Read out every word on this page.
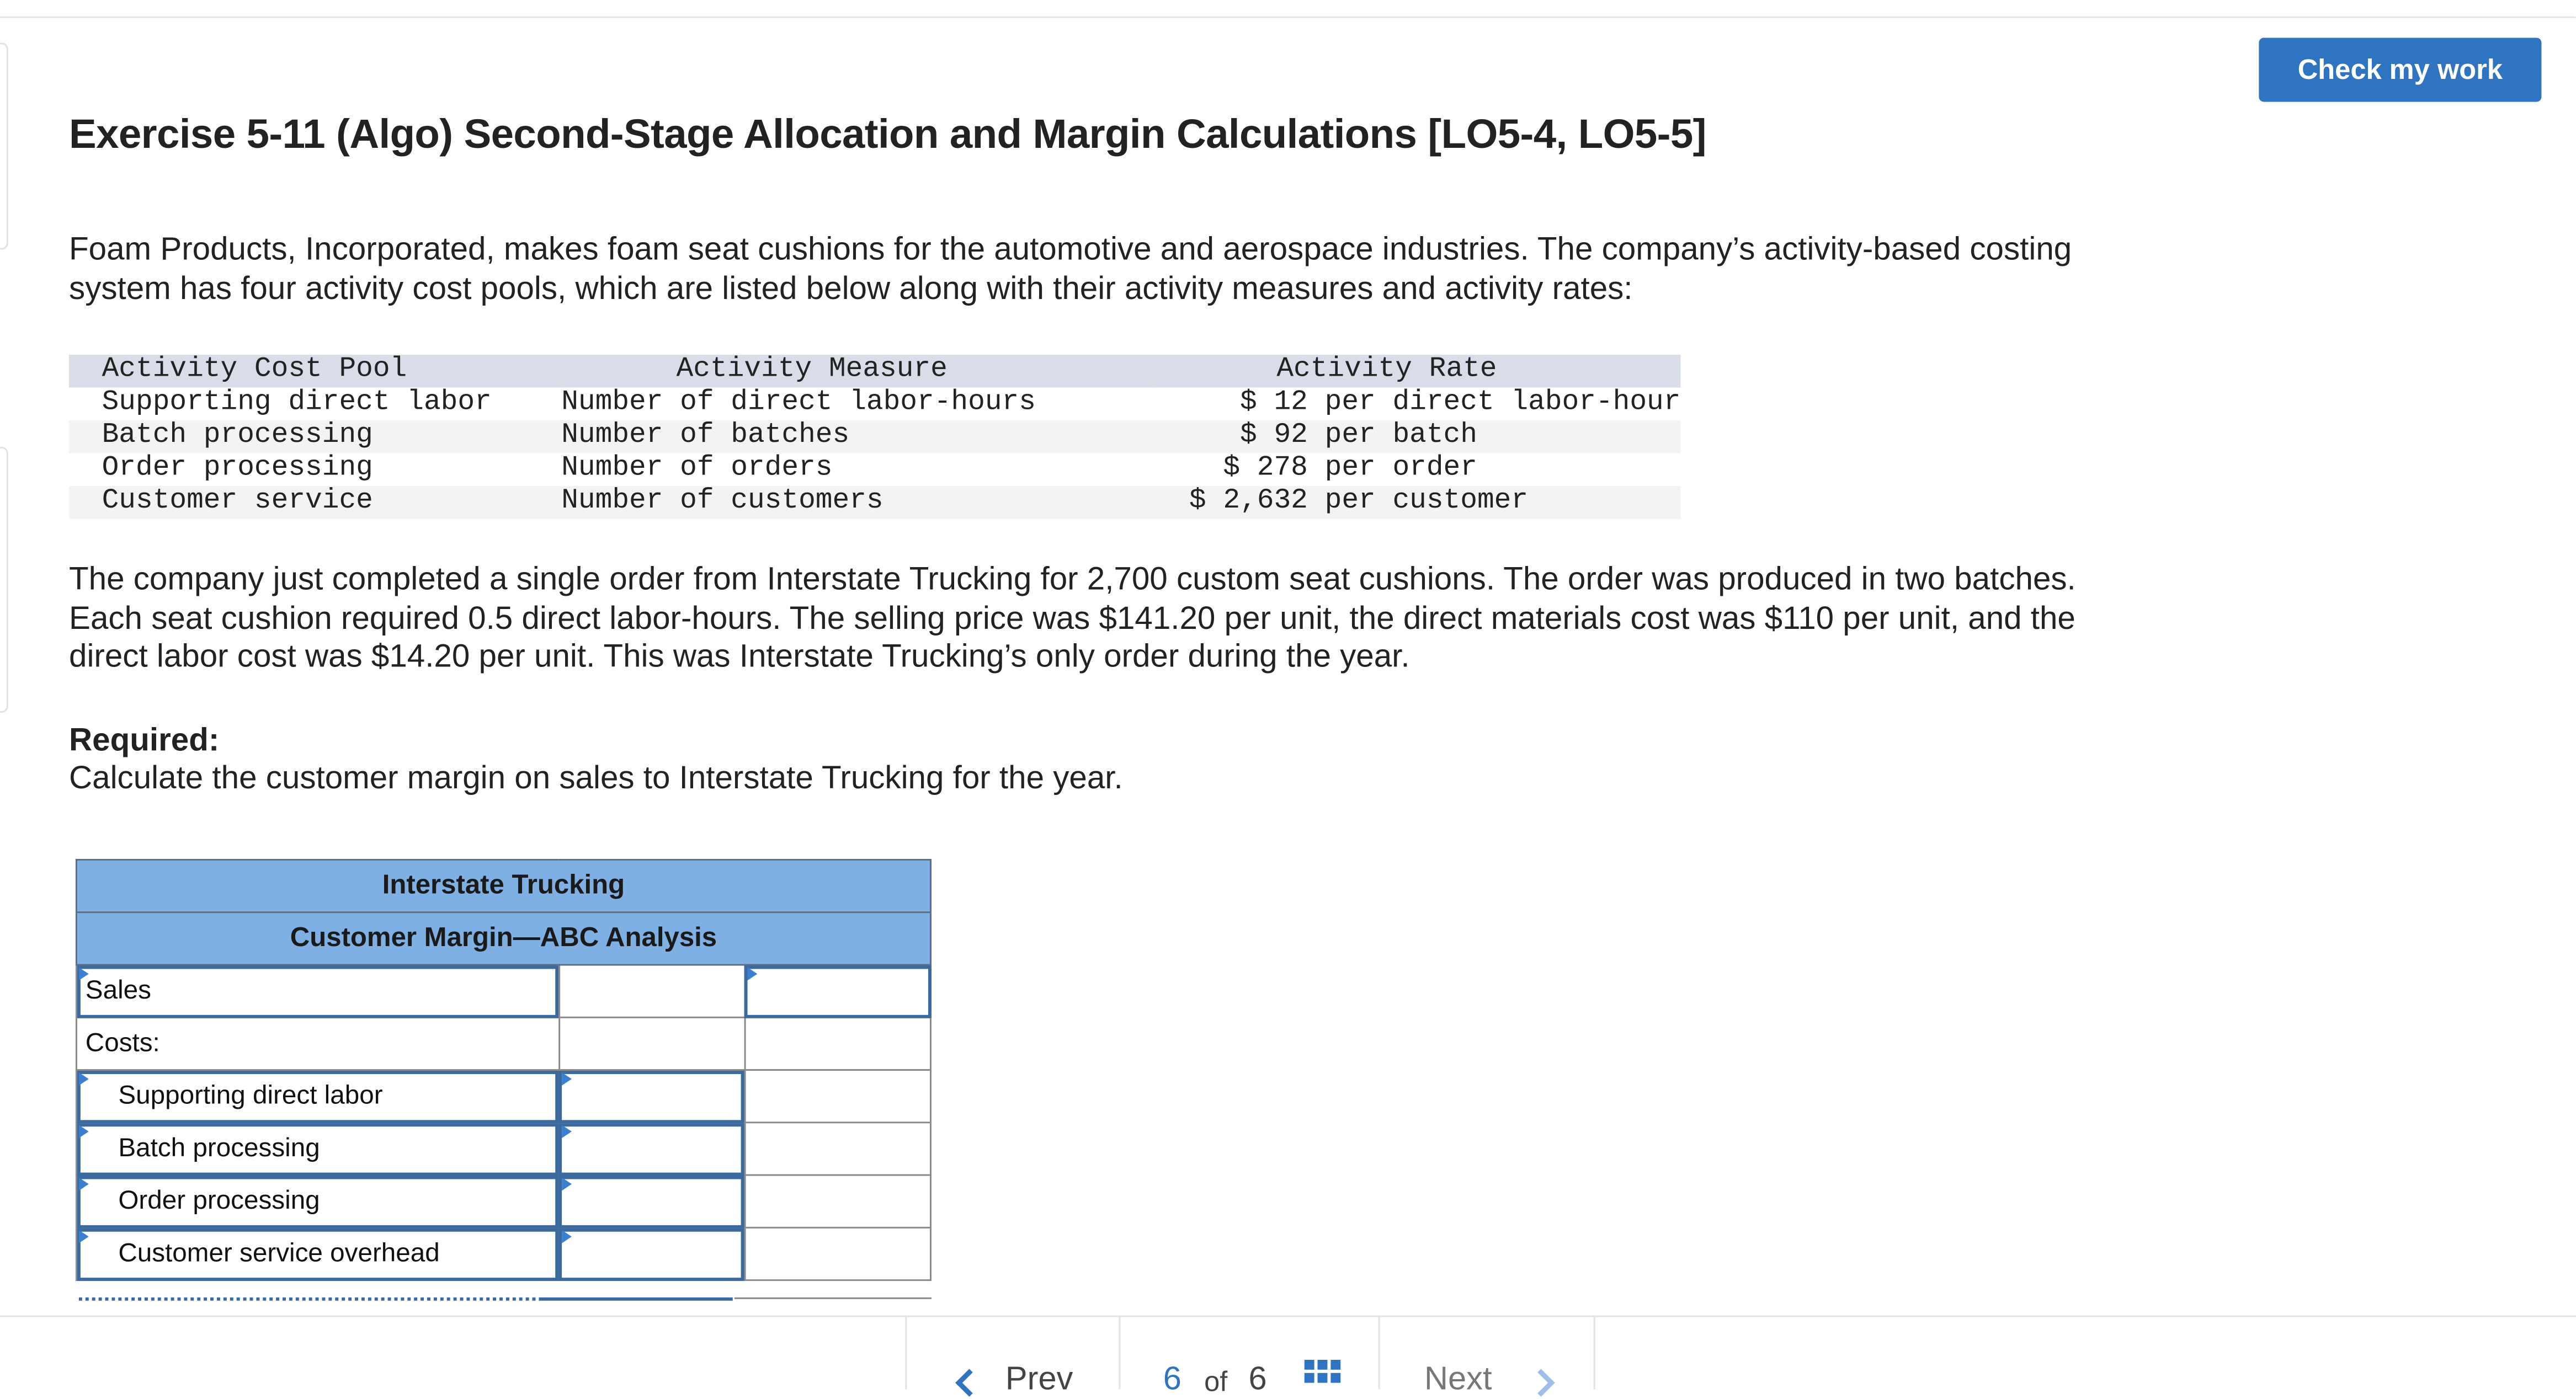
Check my work
Exercise 5-11 (Algo) Second-Stage Allocation and Margin Calculations [LO5-4, LO5-5]

Foam Products, Incorporated, makes foam seat cushions for the automotive and aerospace industries. The company’s activity-based costing system has four activity cost pools, which are listed below along with their activity measures and activity rates:

Activity Cost Pool	Activity Measure	Activity Rate
Supporting direct labor	Number of direct labor-hours	$ 12 per direct labor-hour
Batch processing	Number of batches	$ 92 per batch
Order processing	Number of orders	$ 278 per order
Customer service	Number of customers	$ 2,632 per customer

The company just completed a single order from Interstate Trucking for 2,700 custom seat cushions. The order was produced in two batches. Each seat cushion required 0.5 direct labor-hours. The selling price was $141.20 per unit, the direct materials cost was $110 per unit, and the direct labor cost was $14.20 per unit. This was Interstate Trucking’s only order during the year.

Required:

Calculate the customer margin on sales to Interstate Trucking for the year.

Interstate Trucking		
Customer Margin—ABC Analysis		

Sales		

Costs:		

Supporting direct labor	

Batch processing	

Order processing	

Customer service overhead	

Prev	6 of 6	Next
